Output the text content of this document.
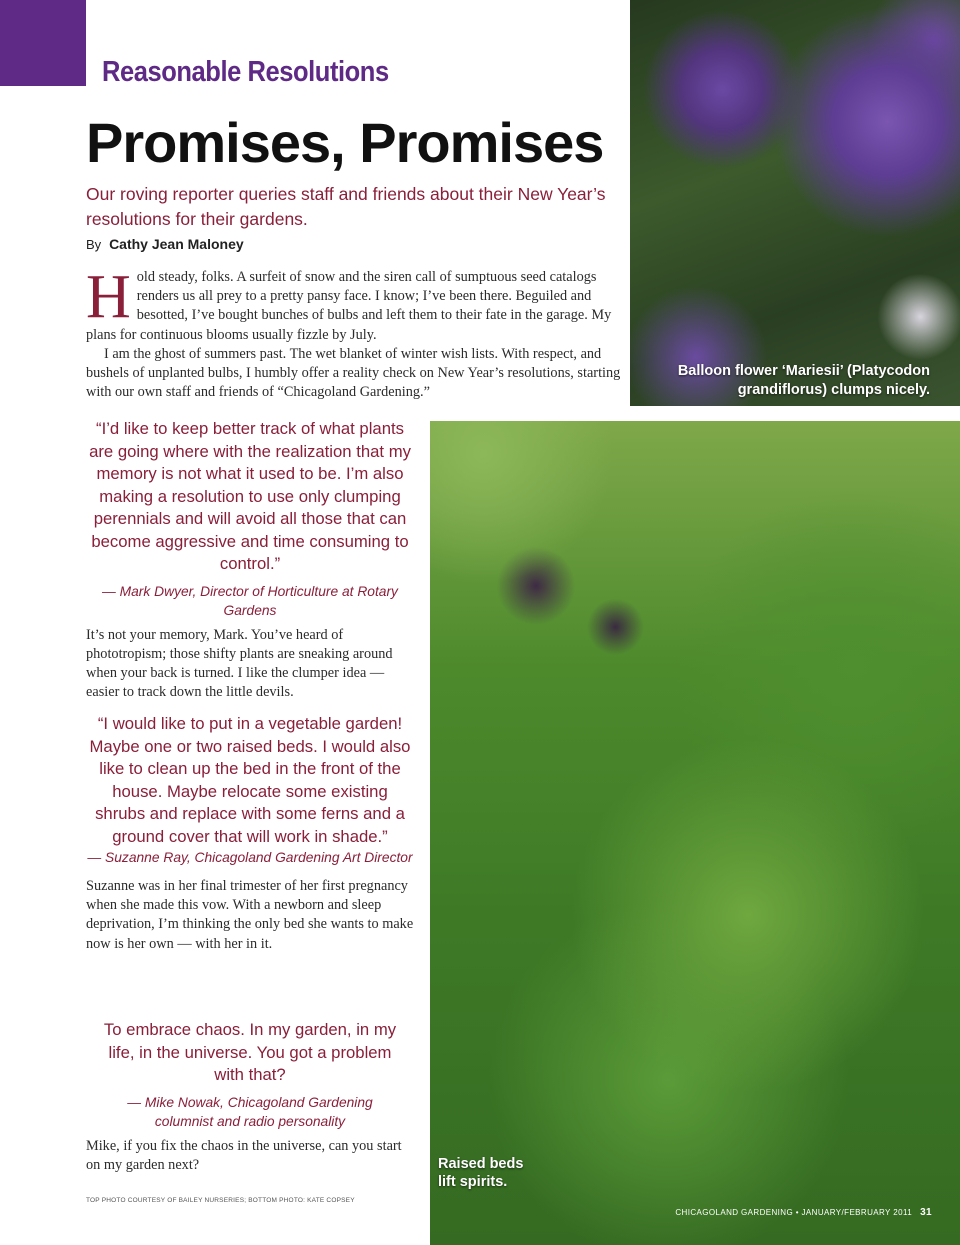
Reasonable Resolutions
Promises, Promises

Our roving reporter queries staff and friends about their New Year’s resolutions for their gardens.

By Cathy Jean Maloney
H old steady, folks. A surfeit of snow and the siren call of sumptuous seed catalogs renders us all prey to a pretty pansy face. I know; I’ve been there. Beguiled and besotted, I’ve bought bunches of bulbs and left them to their fate in the garage. My plans for continuous blooms usually fizzle by July.

I am the ghost of summers past. The wet blanket of winter wish lists. With respect, and bushels of unplanted bulbs, I humbly offer a reality check on New Year’s resolutions, starting with our own staff and friends of “Chicagoland Gardening.”

Balloon flower ‘Mariesii’ (Platycodon
grandiflorus) clumps nicely.
Raised beds lift spirits.
CHICAGOLAND GARDENING • JANUARY/FEBRUARY 2011 31

“I’d like to keep better track of what plants are going where with the realization that my memory is not what it used to be. I’m also making a resolution to use only clumping perennials and will avoid all those that can become aggressive and time consuming to control.”

— Mark Dwyer, Director of Horticulture at Rotary Gardens

It’s not your memory, Mark. You’ve heard of phototropism; those shifty plants are sneaking around when your back is turned. I like the clumper idea — easier to track down the little devils.

“I would like to put in a vegetable garden! Maybe one or two raised beds. I would also like to clean up the bed in the front of the house. Maybe relocate some existing shrubs and replace with some ferns and a ground cover that will work in shade.”

— Suzanne Ray, Chicagoland Gardening Art Director

Suzanne was in her final trimester of her first pregnancy when she made this vow. With a newborn and sleep deprivation, I’m thinking the only bed she wants to make now is her own — with her in it.

To embrace chaos. In my garden, in my life, in the universe. You got a problem with that?

— Mike Nowak, Chicagoland Gardening columnist and radio personality

Mike, if you fix the chaos in the universe, can you start on my garden next?

TOP PHOTO COURTESY OF BAILEY NURSERIES; BOTTOM PHOTO: KATE COPSEY
